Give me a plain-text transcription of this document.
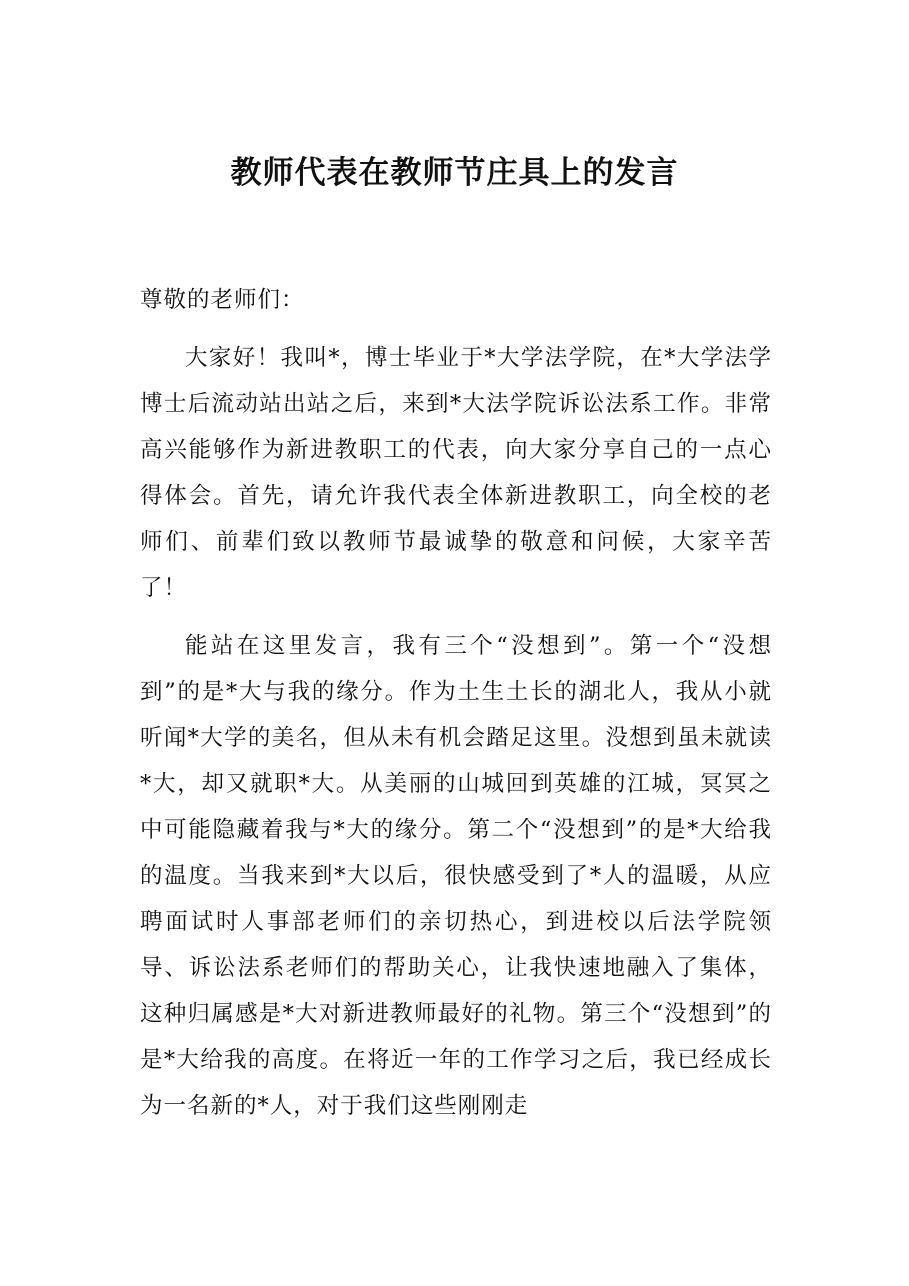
教师代表在教师节庄具上的发言

尊敬的老师们：

大家好！我叫*，博士毕业于*大学法学院，在*大学法学博士后流动站出站之后，来到*大法学院诉讼法系工作。非常高兴能够作为新进教职工的代表，向大家分享自己的一点心得体会。首先，请允许我代表全体新进教职工，向全校的老师们、前辈们致以教师节最诚挚的敬意和问候，大家辛苦了！

能站在这里发言，我有三个“没想到”。第一个“没想到”的是*大与我的缘分。作为土生土长的湖北人，我从小就听闻*大学的美名，但从未有机会踏足这里。没想到虽未就读*大，却又就职*大。从美丽的山城回到英雄的江城，冥冥之中可能隐藏着我与*大的缘分。第二个“没想到”的是*大给我的温度。当我来到*大以后，很快感受到了*人的温暖，从应聘面试时人事部老师们的亲切热心，到进校以后法学院领导、诉讼法系老师们的帮助关心，让我快速地融入了集体，这种归属感是*大对新进教师最好的礼物。第三个“没想到”的是*大给我的高度。在将近一年的工作学习之后，我已经成长为一名新的*人，对于我们这些刚刚走
